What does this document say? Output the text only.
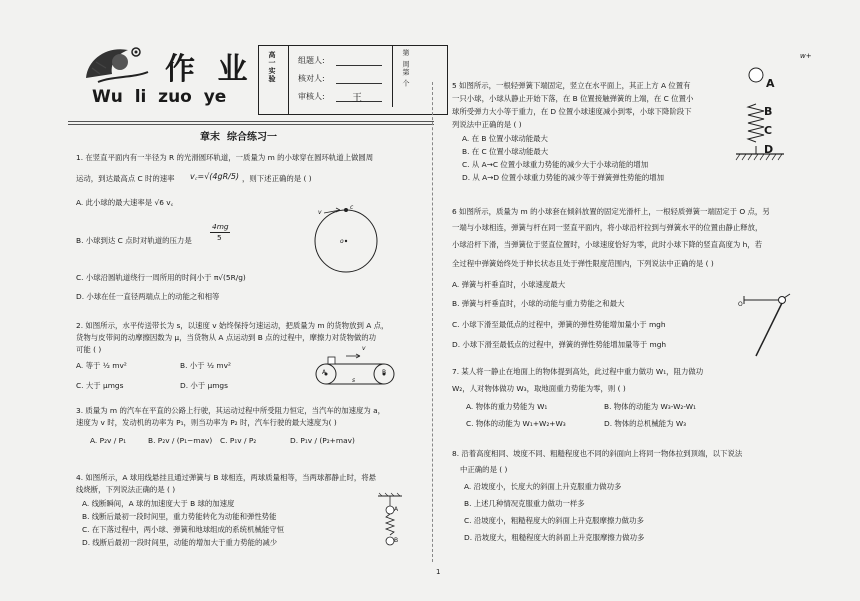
作 业
Wu  li  zuo  ye
高一实验	组题人:
核对人:
审核人:	王
第 周第 个	w+
章末  综合练习一
1. 在竖直平面内有一半径为 R 的光滑圆环轨道，一质量为 m 的小球穿在圆环轨道上做圆周
运动，到达最高点 C 时的速率 v꜀=√(4gR/5) ，则下述正确的是 ( )
A. 此小球的最大速率是 √6 v꜀
B. 小球到达 C 点时对轨道的压力是
4mg
5
C. 小球沿圆轨道绕行一周所用的时间小于 π√(5R/g)
D. 小球在任一直径两端点上的动能之和相等
v
c
o
2. 如图所示，水平传送带长为 s，以速度 v 始终保持匀速运动，把质量为 m 的货物放到 A 点，
货物与皮带间的动摩擦因数为 μ，当货物从 A 点运动到 B 点的过程中，摩擦力对货物做的功
可能 ( )
A. 等于 ½ mv²	B. 小于 ½ mv²
C. 大于 μmgs	D. 小于 μmgs
v
A
s
B
3. 质量为 m 的汽车在平直的公路上行驶，其运动过程中所受阻力恒定，当汽车的加速度为 a，
速度为 v 时，发动机的功率为 P₁，则当功率为 P₂ 时，汽车行驶的最大速度为( )
A. P₂v / P₁	B. P₂v / (P₁−mav) C. P₁v / P₂	D. P₁v / (P₂+mav)
4. 如图所示，A 球用线悬挂且通过弹簧与 B 球相连，两球质量相等，当两球都静止时，将悬
线烧断，下列说法正确的是 ( )
A. 线断瞬间，A 球的加速度大于 B 球的加速度
B. 线断后最初一段时间里，重力势能转化为动能和弹性势能
C. 在下落过程中，两小球、弹簧和地球组成的系统机械能守恒
D. 线断后最初一段时间里，动能的增加大于重力势能的减少
A
B
5 如图所示，一根轻弹簧下端固定，竖立在水平面上，其正上方 A 位置有
一只小球，小球从静止开始下落，在 B 位置接触弹簧的上端，在 C 位置小
球所受弹力大小等于重力，在 D 位置小球速度减小到零，小球下降阶段下
列说法中正确的是 ( )
A. 在 B 位置小球动能最大
B. 在 C 位置小球动能最大
C. 从 A→C 位置小球重力势能的减少大于小球动能的增加
D. 从 A→D 位置小球重力势能的减少等于弹簧弹性势能的增加
A
B
C
D
6 如图所示，质量为 m 的小球套在倾斜放置的固定光滑杆上，一根轻质弹簧一端固定于 O 点，另
一端与小球相连，弹簧与杆在同一竖直平面内，将小球沿杆拉到与弹簧水平的位置由静止释放，
小球沿杆下滑，当弹簧位于竖直位置时，小球速度恰好为零，此时小球下降的竖直高度为 h，若
全过程中弹簧始终处于伸长状态且处于弹性限度范围内，下列说法中正确的是 ( )
A. 弹簧与杆垂直时，小球速度最大
B. 弹簧与杆垂直时，小球的动能与重力势能之和最大
C. 小球下滑至最低点的过程中，弹簧的弹性势能增加量小于 mgh
D. 小球下滑至最低点的过程中，弹簧的弹性势能增加量等于 mgh
O
7. 某人将一静止在地面上的物体提到高处，此过程中重力做功 W₁，阻力做功
W₂，人对物体做功 W₃，取地面重力势能为零，则 ( )
A. 物体的重力势能为 W₁	B. 物体的动能为 W₃-W₂-W₁
C. 物体的动能为 W₁+W₂+W₃	D. 物体的总机械能为 W₃
8. 沿着高度相同、坡度不同、粗糙程度也不同的斜面向上将同一物体拉到顶端，以下说法
中正确的是 ( )
A. 沿坡度小，长度大的斜面上升克服重力做功多
B. 上述几种情况克服重力做功一样多
C. 沿坡度小，粗糙程度大的斜面上升克服摩擦力做功多
D. 沿坡度大，粗糙程度大的斜面上升克服摩擦力做功多
1
